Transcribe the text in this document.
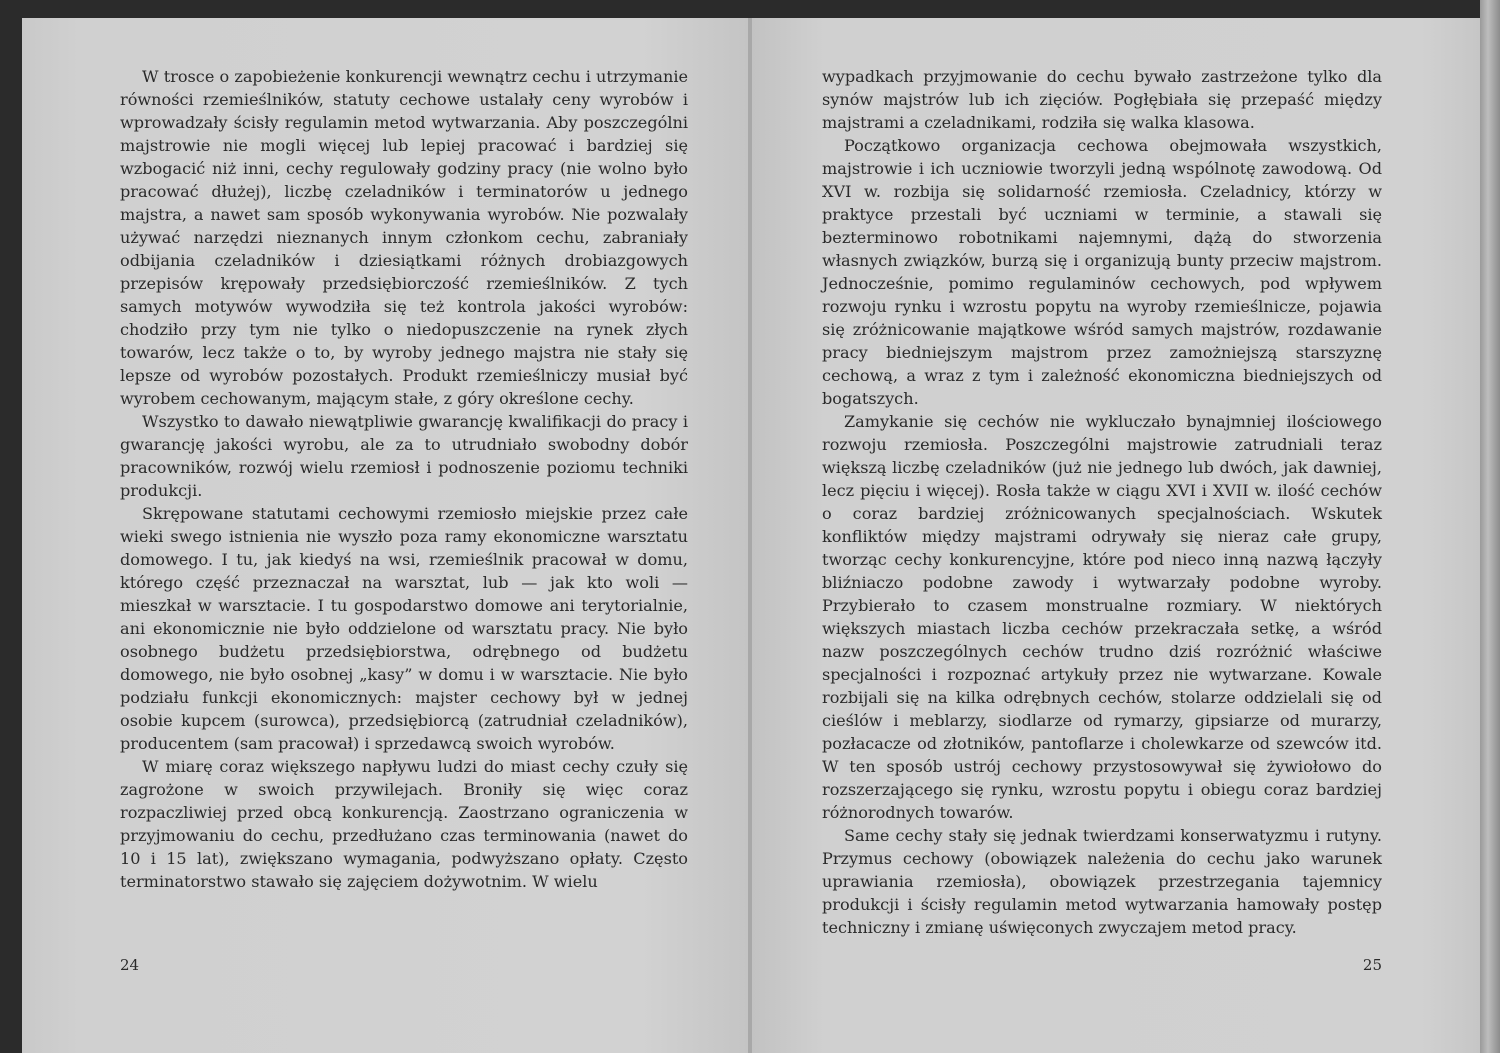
W trosce o zapobieżenie konkurencji wewnątrz cechu i utrzymanie równości rzemieślników, statuty cechowe ustalały ceny wyrobów i wprowadzały ścisły regulamin metod wytwarzania. Aby poszczególni majstrowie nie mogli więcej lub lepiej pracować i bardziej się wzbogacić niż inni, cechy regulowały godziny pracy (nie wolno było pracować dłużej), liczbę czeladników i terminatorów u jednego majstra, a nawet sam sposób wykonywania wyrobów. Nie pozwalały używać narzędzi nieznanych innym członkom cechu, zabraniały odbijania czeladników i dziesiątkami różnych drobiazgowych przepisów krępowały przedsiębiorczość rzemieślników. Z tych samych motywów wywodziła się też kontrola jakości wyrobów: chodziło przy tym nie tylko o niedopuszczenie na rynek złych towarów, lecz także o to, by wyroby jednego majstra nie stały się lepsze od wyrobów pozostałych. Produkt rzemieślniczy musiał być wyrobem cechowanym, mającym stałe, z góry określone cechy.

Wszystko to dawało niewątpliwie gwarancję kwalifikacji do pracy i gwarancję jakości wyrobu, ale za to utrudniało swobodny dobór pracowników, rozwój wielu rzemiosł i podnoszenie poziomu techniki produkcji.

Skrępowane statutami cechowymi rzemiosło miejskie przez całe wieki swego istnienia nie wyszło poza ramy ekonomiczne warsztatu domowego. I tu, jak kiedyś na wsi, rzemieślnik pracował w domu, którego część przeznaczał na warsztat, lub — jak kto woli — mieszkał w warsztacie. I tu gospodarstwo domowe ani terytorialnie, ani ekonomicznie nie było oddzielone od warsztatu pracy. Nie było osobnego budżetu przedsiębiorstwa, odrębnego od budżetu domowego, nie było osobnej „kasy” w domu i w warsztacie. Nie było podziału funkcji ekonomicznych: majster cechowy był w jednej osobie kupcem (surowca), przedsiębiorcą (zatrudniał czeladników), producentem (sam pracował) i sprzedawcą swoich wyrobów.

W miarę coraz większego napływu ludzi do miast cechy czuły się zagrożone w swoich przywilejach. Broniły się więc coraz rozpaczliwiej przed obcą konkurencją. Zaostrzano ograniczenia w przyjmowaniu do cechu, przedłużano czas terminowania (nawet do 10 i 15 lat), zwiększano wymagania, podwyższano opłaty. Często terminatorstwo stawało się zajęciem dożywotnim. W wielu

24

wypadkach przyjmowanie do cechu bywało zastrzeżone tylko dla synów majstrów lub ich zięciów. Pogłębiała się przepaść między majstrami a czeladnikami, rodziła się walka klasowa.

Początkowo organizacja cechowa obejmowała wszystkich, majstrowie i ich uczniowie tworzyli jedną wspólnotę zawodową. Od XVI w. rozbija się solidarność rzemiosła. Czeladnicy, którzy w praktyce przestali być uczniami w terminie, a stawali się bezterminowo robotnikami najemnymi, dążą do stworzenia własnych związków, burzą się i organizują bunty przeciw majstrom. Jednocześnie, pomimo regulaminów cechowych, pod wpływem rozwoju rynku i wzrostu popytu na wyroby rzemieślnicze, pojawia się zróżnicowanie majątkowe wśród samych majstrów, rozdawanie pracy biedniejszym majstrom przez zamożniejszą starszyznę cechową, a wraz z tym i zależność ekonomiczna biedniejszych od bogatszych.

Zamykanie się cechów nie wykluczało bynajmniej ilościowego rozwoju rzemiosła. Poszczególni majstrowie zatrudniali teraz większą liczbę czeladników (już nie jednego lub dwóch, jak dawniej, lecz pięciu i więcej). Rosła także w ciągu XVI i XVII w. ilość cechów o coraz bardziej zróżnicowanych specjalnościach. Wskutek konfliktów między majstrami odrywały się nieraz całe grupy, tworząc cechy konkurencyjne, które pod nieco inną nazwą łączyły bliźniaczo podobne zawody i wytwarzały podobne wyroby. Przybierało to czasem monstrualne rozmiary. W niektórych większych miastach liczba cechów przekraczała setkę, a wśród nazw poszczególnych cechów trudno dziś rozróżnić właściwe specjalności i rozpoznać artykuły przez nie wytwarzane. Kowale rozbijali się na kilka odrębnych cechów, stolarze oddzielali się od cieślów i meblarzy, siodlarze od rymarzy, gipsiarze od murarzy, pozłacacze od złotników, pantoflarze i cholewkarze od szewców itd. W ten sposób ustrój cechowy przystosowywał się żywiołowo do rozszerzającego się rynku, wzrostu popytu i obiegu coraz bardziej różnorodnych towarów.

Same cechy stały się jednak twierdzami konserwatyzmu i rutyny. Przymus cechowy (obowiązek należenia do cechu jako warunek uprawiania rzemiosła), obowiązek przestrzegania tajemnicy produkcji i ścisły regulamin metod wytwarzania hamowały postęp techniczny i zmianę uświęconych zwyczajem metod pracy.

25
